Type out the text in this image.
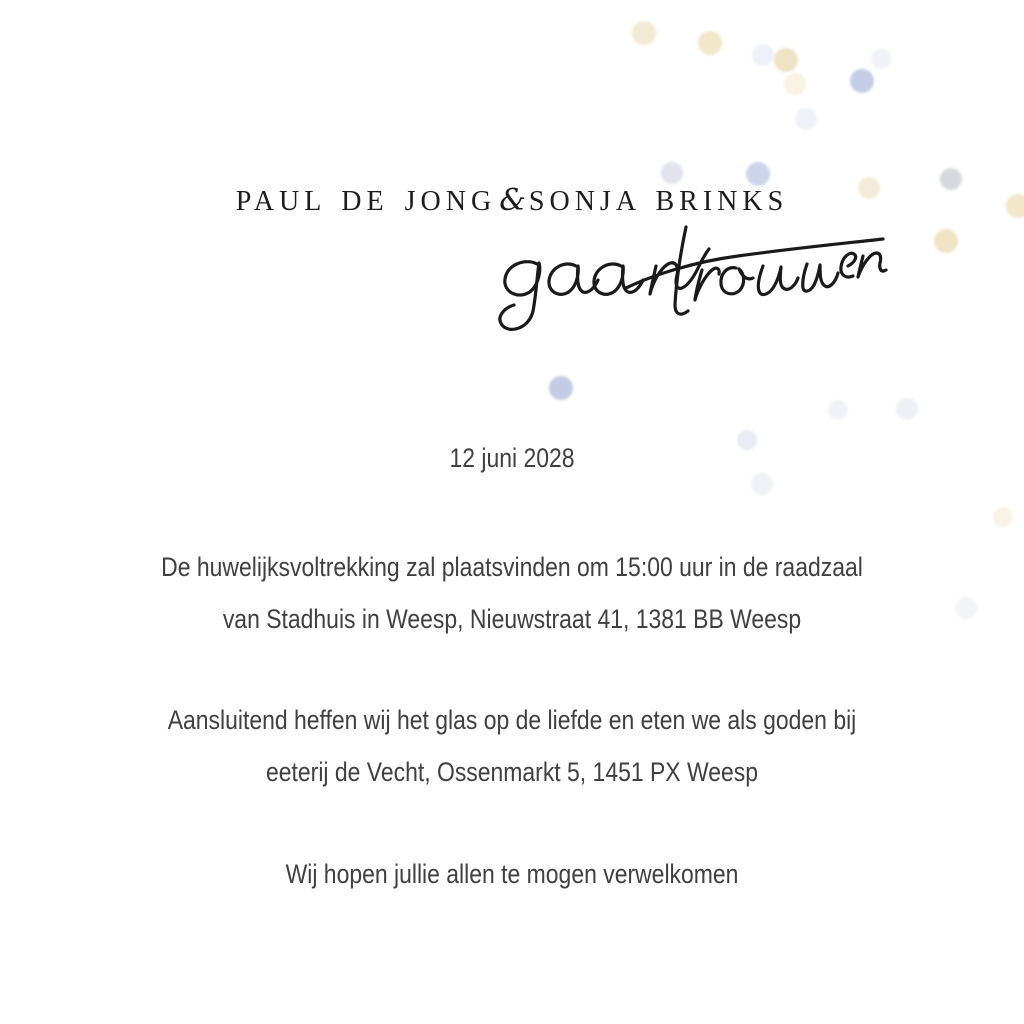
PAUL DE JONG & SONJA BRINKS
12 juni 2028
De huwelijksvoltrekking zal plaatsvinden om 15:00 uur in de raadzaal
van Stadhuis in Weesp, Nieuwstraat 41, 1381 BB Weesp
Aansluitend heffen wij het glas op de liefde en eten we als goden bij
eeterij de Vecht, Ossenmarkt 5, 1451 PX Weesp
Wij hopen jullie allen te mogen verwelkomen
